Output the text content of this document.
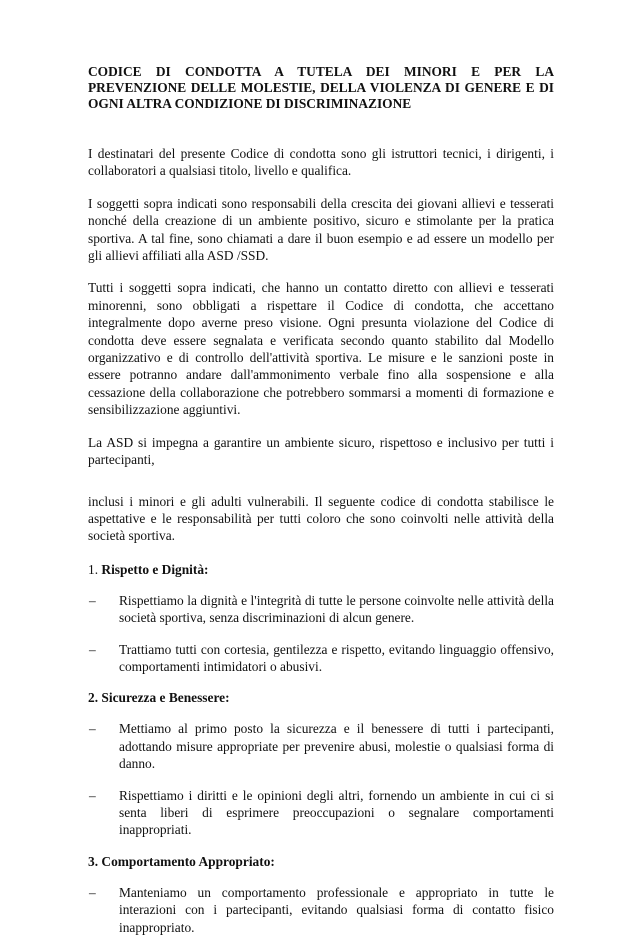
CODICE DI CONDOTTA A TUTELA DEI MINORI E PER LA PREVENZIONE DELLE MOLESTIE, DELLA VIOLENZA DI GENERE E DI OGNI ALTRA CONDIZIONE DI DISCRIMINAZIONE

I destinatari del presente Codice di condotta sono gli istruttori tecnici, i dirigenti, i collaboratori a qualsiasi titolo, livello e qualifica.

I soggetti sopra indicati sono responsabili della crescita dei giovani allievi e tesserati nonché della creazione di un ambiente positivo, sicuro e stimolante per la pratica sportiva. A tal fine, sono chiamati a dare il buon esempio e ad essere un modello per gli allievi affiliati alla ASD /SSD.

Tutti i soggetti sopra indicati, che hanno un contatto diretto con allievi e tesserati minorenni, sono obbligati a rispettare il Codice di condotta, che accettano integralmente dopo averne preso visione. Ogni presunta violazione del Codice di condotta deve essere segnalata e verificata secondo quanto stabilito dal Modello organizzativo e di controllo dell'attività sportiva. Le misure e le sanzioni poste in essere potranno andare dall'ammonimento verbale fino alla sospensione e alla cessazione della collaborazione che potrebbero sommarsi a momenti di formazione e sensibilizzazione aggiuntivi.

La ASD si impegna a garantire un ambiente sicuro, rispettoso e inclusivo per tutti i partecipanti,

inclusi i minori e gli adulti vulnerabili. Il seguente codice di condotta stabilisce le aspettative e le responsabilità per tutti coloro che sono coinvolti nelle attività della società sportiva.

1. Rispetto e Dignità:
– Rispettiamo la dignità e l'integrità di tutte le persone coinvolte nelle attività della società sportiva, senza discriminazioni di alcun genere.
– Trattiamo tutti con cortesia, gentilezza e rispetto, evitando linguaggio offensivo, comportamenti intimidatori o abusivi.
2. Sicurezza e Benessere:
– Mettiamo al primo posto la sicurezza e il benessere di tutti i partecipanti, adottando misure appropriate per prevenire abusi, molestie o qualsiasi forma di danno.
– Rispettiamo i diritti e le opinioni degli altri, fornendo un ambiente in cui ci si senta liberi di esprimere preoccupazioni o segnalare comportamenti inappropriati.
3. Comportamento Appropriato:
– Manteniamo un comportamento professionale e appropriato in tutte le interazioni con i partecipanti, evitando qualsiasi forma di contatto fisico inappropriato.
